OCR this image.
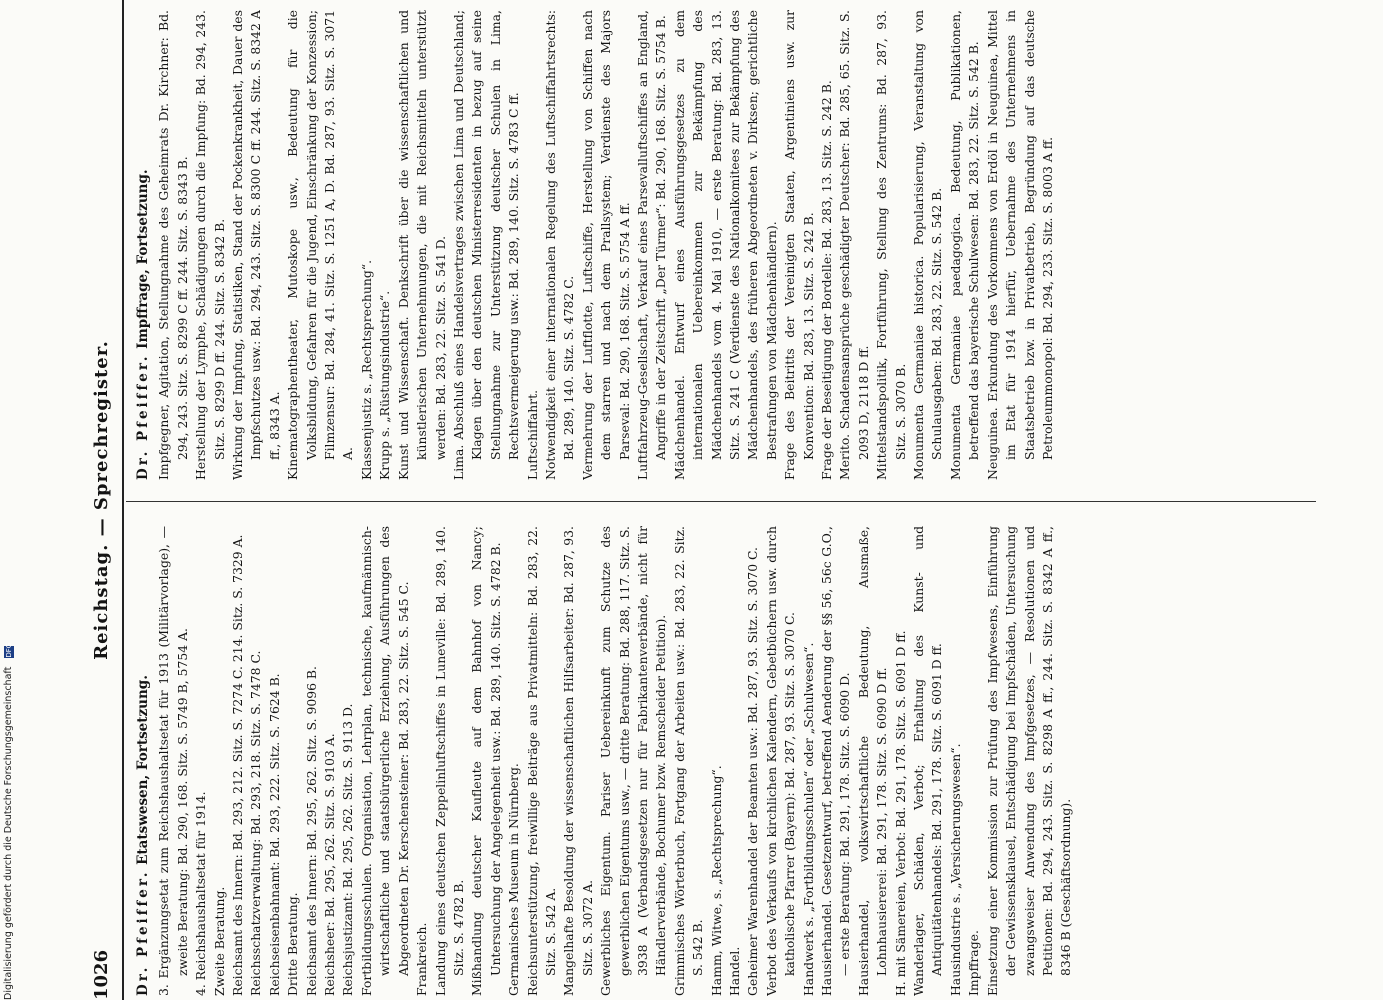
1026
Reichstag. — Sprechregister.
Dr. Pfeiffer. Etatswesen, Fortsetzung. 3. Ergänzungsetat zum Reichshaushaltsetat für 1913 (Militärvorlage), — zweite Beratung: Bd. 290, 168. Sitz. S. 5749 B, 5754 A. 4. Reichshaushaltsetat für 1914. Zweite Beratung. Reichsamt des Innern: Bd. 293, 212. Sitz. S. 7274 C. 214. Sitz. S. 7329 A. Reichsschatzverwaltung: Bd. 293, 218. Sitz. S. 7478 C. Reichseisenbahnamt: Bd. 293, 222. Sitz. S. 7624 B. Dritte Beratung. Reichsamt des Innern: Bd. 295, 262. Sitz. S. 9096 B. Reichsheer: Bd. 295, 262. Sitz. S. 9103 A. Reichsjustizamt: Bd. 295, 262. Sitz. S. 9113 D. Fortbildungsschulen. Organisation, Lehrplan, technische, kaufmännisch-wirtschaftliche und staatsbürgerliche Erziehung, Ausführungen des Abgeordneten Dr. Kerschensteiner: Bd. 283, 22. Sitz. S. 545 C. Frankreich. Landung eines deutschen Zeppelinluftschiffes in Luneville: Bd. 289, 140. Sitz. S. 4782 B. Mißhandlung deutscher Kaufleute auf dem Bahnhof von Nancy; Untersuchung der Angelegenheit usw.: Bd. 289, 140. Sitz. S. 4782 B. Germanisches Museum in Nürnberg. Reichsunterstützung, freiwillige Beiträge aus Privatmitteln: Bd. 283, 22. Sitz. S. 542 A. Mangelhafte Besoldung der wissenschaftlichen Hilfsarbeiter: Bd. 287, 93. Sitz. S. 3072 A. Gewerbliches Eigentum. Pariser Uebereinkunft zum Schutze des gewerblichen Eigentums usw., — dritte Beratung: Bd. 288, 117. Sitz. S. 3938 A (Verbandsgesetzen nur für Fabrikantenverbände, nicht für Händlerverbände, Bochumer bzw. Remscheider Petition). Grimmisches Wörterbuch, Fortgang der Arbeiten usw.: Bd. 283, 22. Sitz. S. 542 B. Hamm, Witwe, s. „Rechtsprechung“. Handel. Geheimer Warenhandel der Beamten usw.: Bd. 287, 93. Sitz. S. 3070 C. Verbot des Verkaufs von kirchlichen Kalendern, Gebetbüchern usw. durch katholische Pfarrer (Bayern): Bd. 287, 93. Sitz. S. 3070 C. Handwerk s. „Fortbildungsschulen“ oder „Schulwesen“. Hausierhandel. Gesetzentwurf, betreffend Aenderung der §§ 56, 56c G.O., — erste Beratung: Bd. 291, 178. Sitz. S. 6090 D. Hausierhandel, volkswirtschaftliche Bedeutung, Ausmaße, Lohnhausiererei: Bd. 291, 178. Sitz. S. 6090 D ff. H. mit Sämereien, Verbot: Bd. 291, 178. Sitz. S. 6091 D ff. Wanderlager, Schäden, Verbot; Erhaltung des Kunst- und Antiquitätenhandels: Bd. 291, 178. Sitz. S. 6091 D ff. Hausindustrie s. „Versicherungswesen“. Impffrage. Einsetzung einer Kommission zur Prüfung des Impfwesens, Einführung der Gewissensklausel, Entschädigung bei Impfschäden, Untersuchung zwangsweiser Anwendung des Impfgesetzes, — Resolutionen und Petitionen: Bd. 294, 243. Sitz. S. 8298 A ff., 244. Sitz. S. 8342 A ff., 8346 B (Geschäftsordnung).

Dr. Pfeiffer. Impffrage, Fortsetzung. Impfgegner, Agitation, Stellungnahme des Geheimrats Dr. Kirchner: Bd. 294, 243. Sitz. S. 8299 C ff. 244. Sitz. S. 8343 B. Herstellung der Lymphe, Schädigungen durch die Impfung: Bd. 294, 243. Sitz. S. 8299 D ff. 244. Sitz. S. 8342 B. Wirkung der Impfung, Statistiken, Stand der Pockenkrankheit, Dauer des Impfschutzes usw.: Bd. 294, 243. Sitz. S. 8300 C ff. 244. Sitz. S. 8342 A ff., 8343 A. Kinematographentheater, Mutoskope usw., Bedeutung für die Volksbildung, Gefahren für die Jugend, Einschränkung der Konzession; Filmzensur: Bd. 284, 41. Sitz. S. 1251 A, D. Bd. 287, 93. Sitz. S. 3071 A. Klassenjustiz s. „Rechtsprechung“. Krupp s. „Rüstungsindustrie“. Kunst und Wissenschaft. Denkschrift über die wissenschaftlichen und künstlerischen Unternehmungen, die mit Reichsmitteln unterstützt werden: Bd. 283, 22. Sitz. S. 541 D. Lima. Abschluß eines Handelsvertrages zwischen Lima und Deutschland; Klagen über den deutschen Ministerresidenten in bezug auf seine Stellungnahme zur Unterstützung deutscher Schulen in Lima, Rechtsvermeigerung usw.: Bd. 289, 140. Sitz. S. 4783 C ff. Luftschiffahrt. Notwendigkeit einer internationalen Regelung des Luftschiffahrtsrechts: Bd. 289, 140. Sitz. S. 4782 C. Vermehrung der Luftflotte, Luftschiffe, Herstellung von Schiffen nach dem starren und nach dem Prallsystem; Verdienste des Majors Parseval: Bd. 290, 168. Sitz. S. 5754 A ff. Luftfahrzeug-Gesellschaft, Verkauf eines Parsevalluftschiffes an England, Angriffe in der Zeitschrift „Der Türmer“: Bd. 290, 168. Sitz. S. 5754 B. Mädchenhandel. Entwurf eines Ausführungsgesetzes zu dem internationalen Uebereinkommen zur Bekämpfung des Mädchenhandels vom 4. Mai 1910, — erste Beratung: Bd. 283, 13. Sitz. S. 241 C (Verdienste des Nationalkomitees zur Bekämpfung des Mädchenhandels, des früheren Abgeordneten v. Dirksen; gerichtliche Bestrafungen von Mädchenhändlern). Frage des Beitritts der Vereinigten Staaten, Argentiniens usw. zur Konvention: Bd. 283, 13. Sitz. S. 242 B. Frage der Beseitigung der Bordelle: Bd. 283, 13. Sitz. S. 242 B. Merito. Schadensansprüche geschädigter Deutscher: Bd. 285, 65. Sitz. S. 2093 D, 2118 D ff. Mittelstandspolitik, Fortführung, Stellung des Zentrums: Bd. 287, 93. Sitz. S. 3070 B. Monumenta Germaniae historica. Popularisierung, Veranstaltung von Schulausgaben: Bd. 283, 22. Sitz. S. 542 B. Monumenta Germaniae paedagogica. Bedeutung, Publikationen, betreffend das bayerische Schulwesen: Bd. 283, 22. Sitz. S. 542 B. Neuguinea. Erkundung des Vorkommens von Erdöl in Neuguinea, Mittel im Etat für 1914 hierfür, Uebernahme des Unternehmens in Staatsbetrieb bzw. in Privatbetrieb, Begründung auf das deutsche Petroleummonopol: Bd. 294, 233. Sitz. S. 8003 A ff.

Digitalisierung gefördert durch die Deutsche Forschungsgemeinschaft DFG
